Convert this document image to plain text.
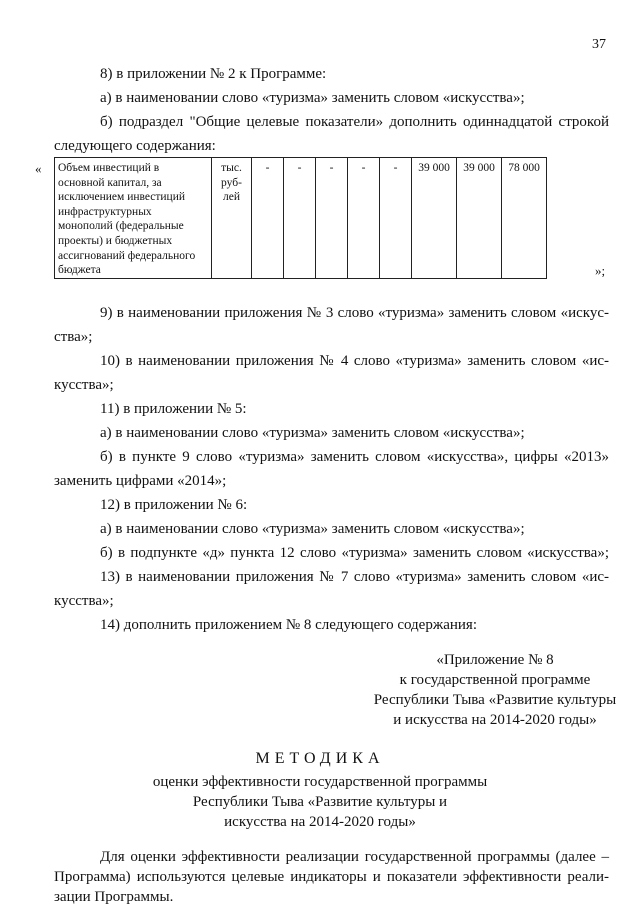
37
8) в приложении № 2 к Программе:
а) в наименовании слово «туризма» заменить словом «искусства»;
б) подраздел "Общие целевые показатели» дополнить одиннадцатой строкой
следующего содержания:
« Объем инвестиций в основной капитал, за исключением инвестиций инфраструктурных монополий (федеральные проекты) и бюджетных ассигнований федерального бюджета	тыс. руб-лей	-	-	-	-	-	39 000	39 000	78 000
»;
9) в наименовании приложения № 3 слово «туризма» заменить словом «искус-
ства»;
10) в наименовании приложения № 4 слово «туризма» заменить словом «ис-
кусства»;
11) в приложении № 5:
а) в наименовании слово «туризма» заменить словом «искусства»;
б) в пункте 9 слово «туризма» заменить словом «искусства», цифры «2013»
заменить цифрами «2014»;
12) в приложении № 6:
а) в наименовании слово «туризма» заменить словом «искусства»;
б) в подпункте «д» пункта 12 слово «туризма» заменить словом «искусства»;
13) в наименовании приложения № 7 слово «туризма» заменить словом «ис-
кусства»;
14) дополнить приложением № 8 следующего содержания:
«Приложение № 8
к государственной программе
Республики Тыва «Развитие культуры
и искусства на 2014-2020 годы»
МЕТОДИКА
оценки эффективности государственной программы
Республики Тыва «Развитие культуры и
искусства на 2014-2020 годы»
Для оценки эффективности реализации государственной программы (далее –
Программа) используются целевые индикаторы и показатели эффективности реали-
зации Программы.
